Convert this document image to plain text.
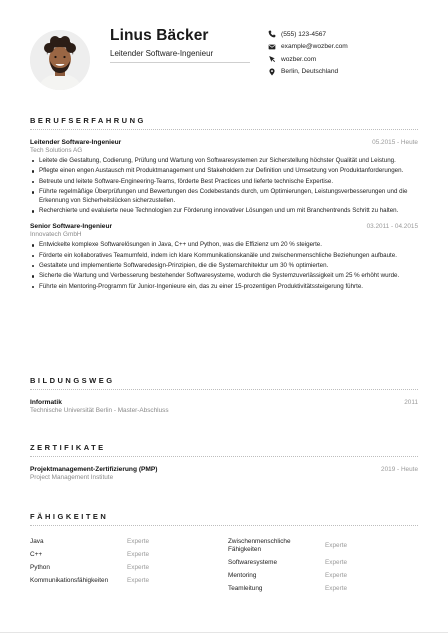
Linus Bäcker
Leitender Software-Ingenieur
(555) 123-4567
example@wozber.com
wozber.com
Berlin, Deutschland
BERUFSERFAHRUNG
Leitender Software-Ingenieur	05.2015 - Heute
Tech Solutions AG
Leitete die Gestaltung, Codierung, Prüfung und Wartung von Softwaresystemen zur Sicherstellung höchster Qualität und Leistung.
Pflegte einen engen Austausch mit Produktmanagement und Stakeholdern zur Definition und Umsetzung von Produktanforderungen.
Betreute und leitete Software-Engineering-Teams, förderte Best Practices und lieferte technische Expertise.
Führte regelmäßige Überprüfungen und Bewertungen des Codebestands durch, um Optimierungen, Leistungsverbesserungen und die Erkennung von Sicherheitslücken sicherzustellen.
Recherchierte und evaluierte neue Technologien zur Förderung innovativer Lösungen und um mit Branchentrends Schritt zu halten.
Senior Software-Ingenieur	03.2011 - 04.2015
Innovatech GmbH
Entwickelte komplexe Softwarelösungen in Java, C++ und Python, was die Effizienz um 20 % steigerte.
Förderte ein kollaboratives Teamumfeld, indem ich klare Kommunikationskanäle und zwischenmenschliche Beziehungen aufbaute.
Gestaltete und implementierte Softwaredesign-Prinzipien, die die Systemarchitektur um 30 % optimierten.
Sicherte die Wartung und Verbesserung bestehender Softwaresysteme, wodurch die Systemzuverlässigkeit um 25 % erhöht wurde.
Führte ein Mentoring-Programm für Junior-Ingenieure ein, das zu einer 15-prozentigen Produktivitätssteigerung führte.
BILDUNGSWEG
Informatik	2011
Technische Universität Berlin - Master-Abschluss
ZERTIFIKATE
Projektmanagement-Zertifizierung (PMP)	2019 - Heute
Project Management Institute
FÄHIGKEITEN
Java	Experte
C++	Experte
Python	Experte
Kommunikationsfähigkeiten	Experte
Zwischenmenschliche Fähigkeiten	Experte
Softwaresysteme	Experte
Mentoring	Experte
Teamleitung	Experte
